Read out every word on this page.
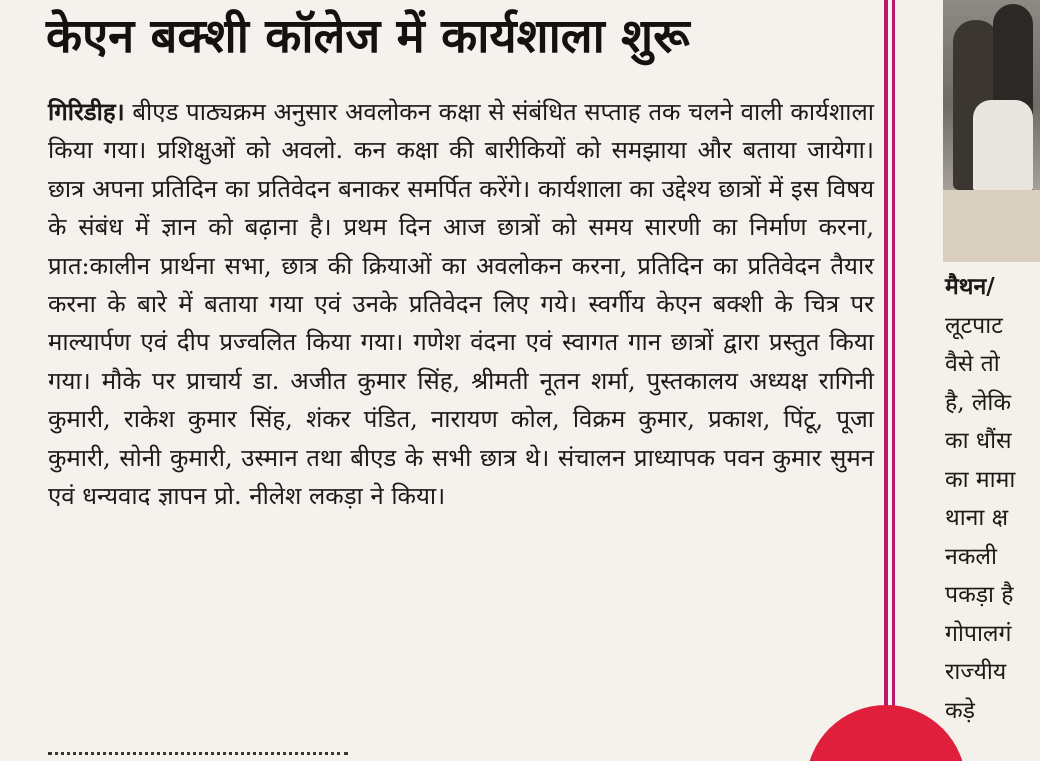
केएन बक्शी कॉलेज में कार्यशाला शुरू

गिरिडीह। बीएड पाठ्यक्रम अनुसार अवलोकन कक्षा से संबंधित सप्ताह तक चलने वाली कार्यशाला किया गया। प्रशिक्षुओं को अवलो. कन कक्षा की बारीकियों को समझाया और बताया जायेगा। छात्र अपना प्रतिदिन का प्रतिवेदन बनाकर समर्पित करेंगे। कार्यशाला का उद्देश्य छात्रों में इस विषय के संबंध में ज्ञान को बढ़ाना है। प्रथम दिन आज छात्रों को समय सारणी का निर्माण करना, प्रात:कालीन प्रार्थना सभा, छात्र की क्रियाओं का अवलोकन करना, प्रतिदिन का प्रतिवेदन तैयार करना के बारे में बताया गया एवं उनके प्रतिवेदन लिए गये। स्वर्गीय केएन बक्शी के चित्र पर माल्यार्पण एवं दीप प्रज्वलित किया गया। गणेश वंदना एवं स्वागत गान छात्रों द्वारा प्रस्तुत किया गया। मौके पर प्राचार्य डा. अजीत कुमार सिंह, श्रीमती नूतन शर्मा, पुस्तकालय अध्यक्ष रागिनी कुमारी, राकेश कुमार सिंह, शंकर पंडित, नारायण कोल, विक्रम कुमार, प्रकाश, पिंटू, पूजा कुमारी, सोनी कुमारी, उस्मान तथा बीएड के सभी छात्र थे। संचालन प्राध्यापक पवन कुमार सुमन एवं धन्यवाद ज्ञापन प्रो. नीलेश लकड़ा ने किया।

मैथन/
लूटपाट
वैसे तो
है, लेकि
का धौंस
का मामा
थाना क्ष
नकली
पकड़ा है
गोपालगं
राज्यीय
कड़े
